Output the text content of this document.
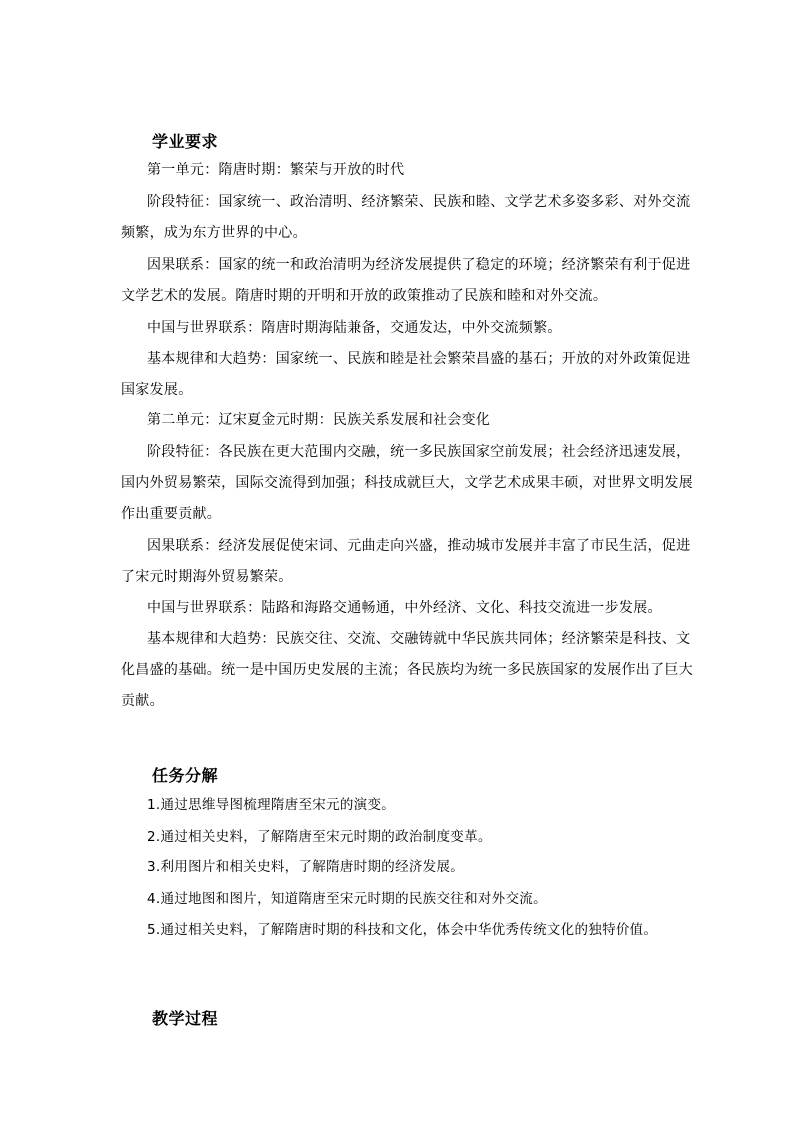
学业要求
第一单元：隋唐时期：繁荣与开放的时代
阶段特征：国家统一、政治清明、经济繁荣、民族和睦、文学艺术多姿多彩、对外交流
频繁，成为东方世界的中心。
因果联系：国家的统一和政治清明为经济发展提供了稳定的环境；经济繁荣有利于促进
文学艺术的发展。隋唐时期的开明和开放的政策推动了民族和睦和对外交流。
中国与世界联系：隋唐时期海陆兼备，交通发达，中外交流频繁。
基本规律和大趋势：国家统一、民族和睦是社会繁荣昌盛的基石；开放的对外政策促进
国家发展。
第二单元：辽宋夏金元时期：民族关系发展和社会变化
阶段特征：各民族在更大范围内交融，统一多民族国家空前发展；社会经济迅速发展，
国内外贸易繁荣，国际交流得到加强；科技成就巨大，文学艺术成果丰硕，对世界文明发展
作出重要贡献。
因果联系：经济发展促使宋词、元曲走向兴盛，推动城市发展并丰富了市民生活，促进
了宋元时期海外贸易繁荣。
中国与世界联系：陆路和海路交通畅通，中外经济、文化、科技交流进一步发展。
基本规律和大趋势：民族交往、交流、交融铸就中华民族共同体；经济繁荣是科技、文
化昌盛的基础。统一是中国历史发展的主流；各民族均为统一多民族国家的发展作出了巨大
贡献。
任务分解
1.通过思维导图梳理隋唐至宋元的演变。
2.通过相关史料，了解隋唐至宋元时期的政治制度变革。
3.利用图片和相关史料，了解隋唐时期的经济发展。
4.通过地图和图片，知道隋唐至宋元时期的民族交往和对外交流。
5.通过相关史料，了解隋唐时期的科技和文化，体会中华优秀传统文化的独特价值。
教学过程
